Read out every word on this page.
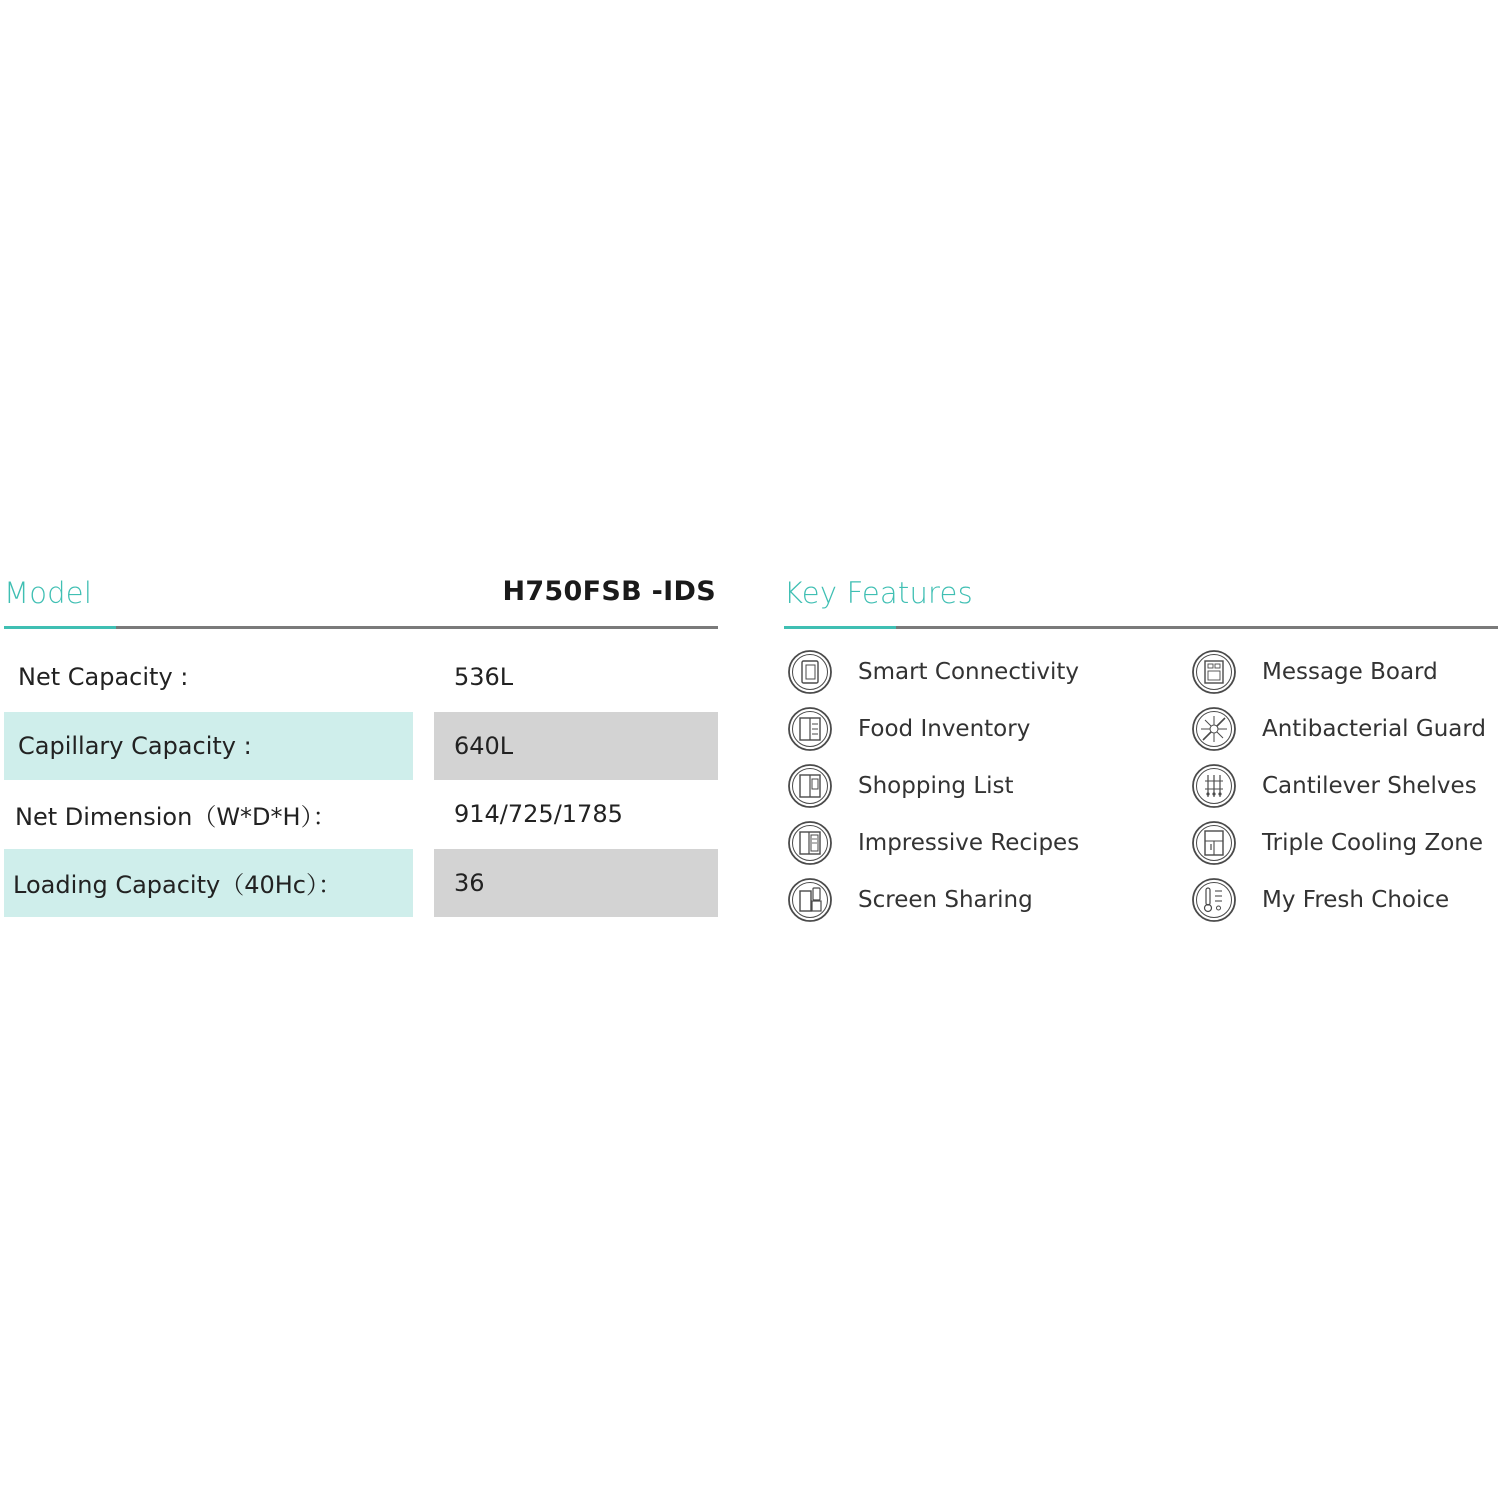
Model	H750FSB -IDS
Net Capacity :	536L
Capillary Capacity :	640L
Net Dimension（W*D*H）：	914/725/1785
Loading Capacity（40Hc）：	36
Key Features
Smart Connectivity
Food Inventory
Shopping List
Impressive Recipes
Screen Sharing
Message Board
Antibacterial Guard
Cantilever Shelves
Triple Cooling Zone
My Fresh Choice
